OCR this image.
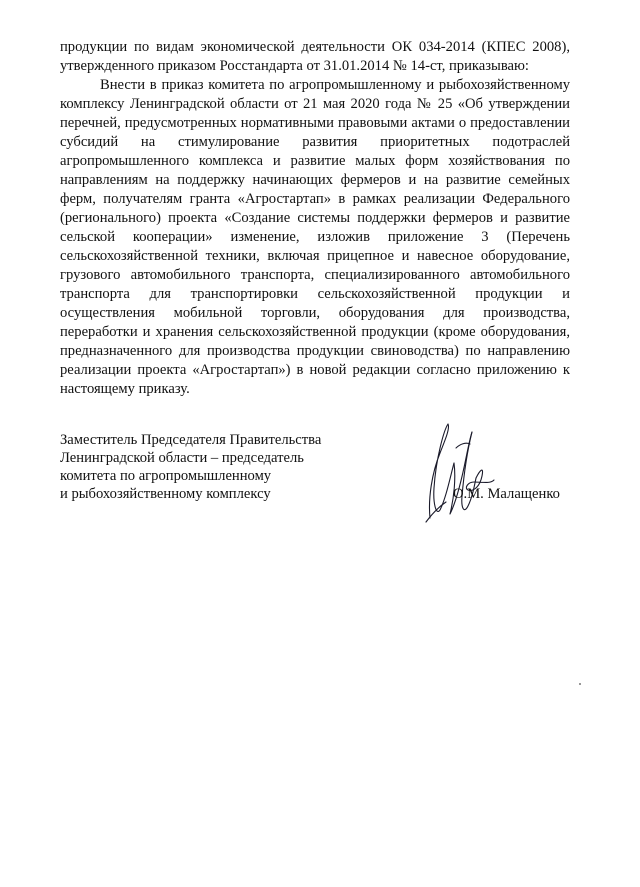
продукции по видам экономической деятельности ОК 034-2014 (КПЕС 2008), утвержденного приказом Росстандарта от 31.01.2014 № 14-ст, приказываю:

Внести в приказ комитета по агропромышленному и рыбохозяйственному комплексу Ленинградской области от 21 мая 2020 года № 25 «Об утверждении перечней, предусмотренных нормативными правовыми актами о предоставлении субсидий на стимулирование развития приоритетных подотраслей агропромышленного комплекса и развитие малых форм хозяйствования по направлениям на поддержку начинающих фермеров и на развитие семейных ферм, получателям гранта «Агростартап» в рамках реализации Федерального (регионального) проекта «Создание системы поддержки фермеров и развитие сельской кооперации» изменение, изложив приложение 3 (Перечень сельскохозяйственной техники, включая прицепное и навесное оборудование, грузового автомобильного транспорта, специализированного автомобильного транспорта для транспортировки сельскохозяйственной продукции и осуществления мобильной торговли, оборудования для производства, переработки и хранения сельскохозяйственной продукции (кроме оборудования, предназначенного для производства продукции свиноводства) по направлению реализации проекта «Агростартап») в новой редакции согласно приложению к настоящему приказу.

Заместитель Председателя Правительства
Ленинградской области – председатель
комитета по агропромышленному
и рыбохозяйственному комплексу	О.М. Малащенко
